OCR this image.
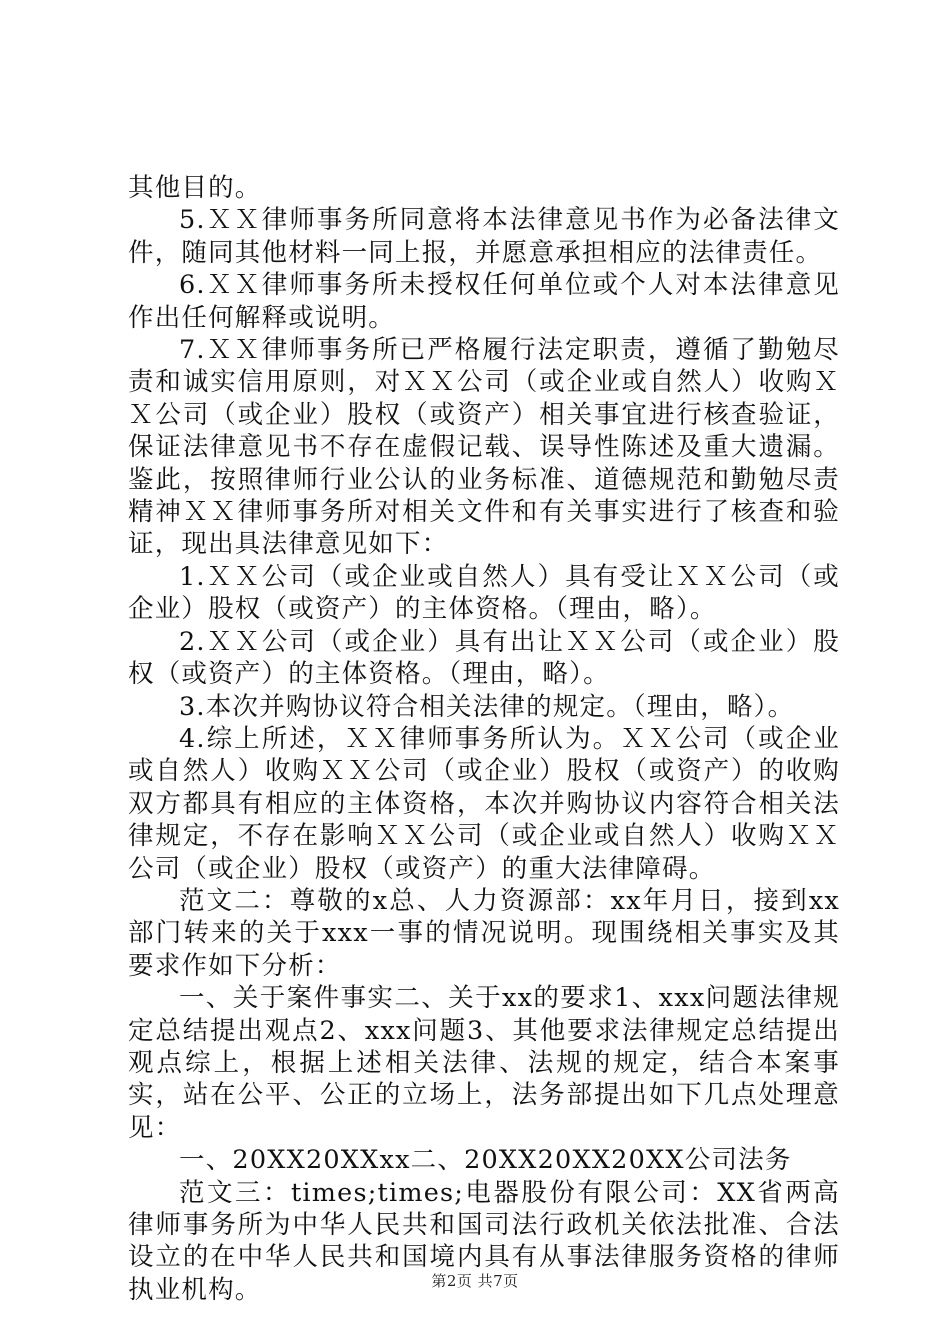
其他目的。

5.ＸＸ律师事务所同意将本法律意见书作为必备法律文件，随同其他材料一同上报，并愿意承担相应的法律责任。

6.ＸＸ律师事务所未授权任何单位或个人对本法律意见作出任何解释或说明。

7.ＸＸ律师事务所已严格履行法定职责，遵循了勤勉尽责和诚实信用原则，对ＸＸ公司（或企业或自然人）收购ＸＸ公司（或企业）股权（或资产）相关事宜进行核查验证，保证法律意见书不存在虚假记载、误导性陈述及重大遗漏。鉴此，按照律师行业公认的业务标准、道德规范和勤勉尽责精神ＸＸ律师事务所对相关文件和有关事实进行了核查和验证，现出具法律意见如下：

1.ＸＸ公司（或企业或自然人）具有受让ＸＸ公司（或企业）股权（或资产）的主体资格。（理由，略）。

2.ＸＸ公司（或企业）具有出让ＸＸ公司（或企业）股权（或资产）的主体资格。（理由，略）。

3.本次并购协议符合相关法律的规定。（理由，略）。

4.综上所述，ＸＸ律师事务所认为。ＸＸ公司（或企业或自然人）收购ＸＸ公司（或企业）股权（或资产）的收购双方都具有相应的主体资格，本次并购协议内容符合相关法律规定，不存在影响ＸＸ公司（或企业或自然人）收购ＸＸ公司（或企业）股权（或资产）的重大法律障碍。

范文二：尊敬的x总、人力资源部：xx年月日，接到xx部门转来的关于xxx一事的情况说明。现围绕相关事实及其要求作如下分析：

一、关于案件事实二、关于xx的要求1、xxx问题法律规定总结提出观点2、xxx问题3、其他要求法律规定总结提出观点综上，根据上述相关法律、法规的规定，结合本案事实，站在公平、公正的立场上，法务部提出如下几点处理意见：

一、20XX20XXxx二、20XX20XX20XX公司法务

范文三：times;times;电器股份有限公司：XX省两高律师事务所为中华人民共和国司法行政机关依法批准、合法设立的在中华人民共和国境内具有从事法律服务资格的律师执业机构。	第2页 共7页
